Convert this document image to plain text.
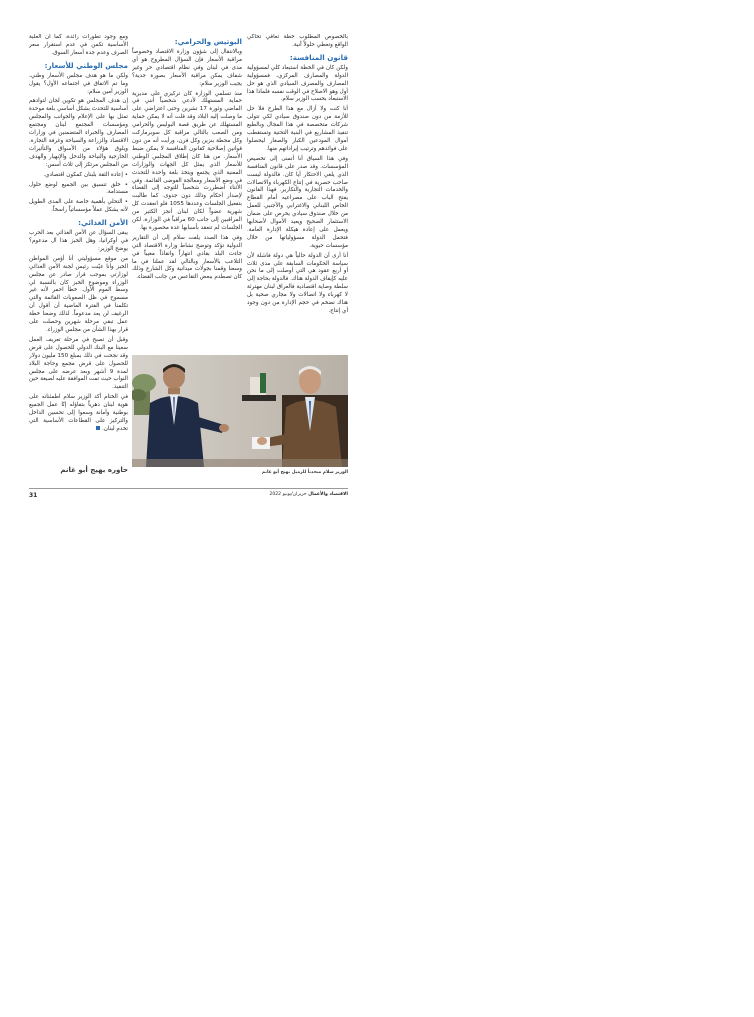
بالخصوص المطلوب خطة تعافي تحاكي الواقع وتعطي حلولاً آنية.

قانون المنافسة:

ولكن كان في الخطة استبعاد كلي لمسؤولية الدولة والمصارف المركزي، فمسؤولية المصارف والمصرف السيادي الذي هو حل أول وهو الاصلاح في الوقت نفسه فلماذا هذا الاستبعاد بحسب الوزير سلام.

أنا كنت ولا أزال مع هذا الطرح فلا حل للأزمة من دون صندوق سيادي لكي تتولى شركات متخصصة في هذا المجال وبالطبع تنفيذ المشاريع في البنية التحتية وتستقطب أموال المودعين الكبار والصغار ليحصلوا على فوائدهم وترتيب إيراداتهم منها.

وفي هذا السياق أنا أتمنى إلى تخصيص المؤسسات. وقد صدر على قانون المنافسة الذي يلغي الاحتكار أيا كان. فالدولة ليست صاحب حصرية في إنتاج الكهرباء والاتصالات والخدمات التجارية والتكارير. فهذا القانون يفتح الباب على مصراعيه أمام القطاع الخاص اللبناني والاغترابي والأجنبي للعمل من خلال صندوق سيادي يحرص على ضمان الاستثمار الصحيح ويعيد الأموال لأصحابها ويعمل على إعادة هيكلة الإدارة العامة. فتحمل الدولة مسؤولياتها من خلال مؤسسات حيوية.

أنا أرى أن الدولة حالياً هي دولة فاشلة لأن سياسة الحكومات السابقة على مدى ثلاث أو أربع عقود هي التي أوصلت إلى ما نحن عليه كإيقاف الدولة هناك. فالدولة بحاجة إلى سلطة وصاية اقتصادية فالعراق لبنان مهترئة لا كهرباء ولا اتصالات ولا مجاري صحية بل هناك تضخم في حجم الإدارة من دون وجود أي إنتاج.

البوتيس والحرامي:

وبالانتقال إلى شؤون وزارة الاقتصاد وخصوصاً مراقبة الأسعار فإن السؤال المطروح هو أي مدى في لبنان وفي نظام اقتصادي حر وغير شفاف يمكن مراقبة الأسعار بصورة جدية؟ يجيب الوزير سلام:

منذ تسلمي الوزارة كان تركيزي على مديرية حماية المستهلك لأدعي شخصياً أنني في الماضي وثورة 17 تشرين وحتى اعتراضي على ما وصلت إليه البلاد وقد قلت أنه لا يمكن حماية المستهلك عن طريق قصة البوليس والحرامي ومن الصعب بالتالي مراقبة كل سوبرماركت وكل محطة بنزين وكل فرن، ورأيت أنه من دون قوانين إصلاحية كقانون المنافسة لا يمكن ضبط الأسعار. من هنا كان إطلاق المجلس الوطني للأسعار الذي يمثل كل الجهات والوزارات المعنية الذي يجتمع ويتخذ بلغة واحدة للتحدث في وضع الأسعار ومعالجة الفوضى القائمة. وفي الأثناء اضطررت شخصياً للتوجه إلى القضاء لإصدار أحكام وذلك دون جدوى. كما طالبت بتفعيل الجلسات وعددها 1055 فلو انعقدت كل شهرية عضواً لكان لبنان أنجز الكثير من المراقبين إلى جانب 60 مراقباً في الوزارة، لكن الجلسات لم تنعقد بأسبابها عدة محصورة بها.

وفي هذا الصدد يلفت سلام إلى أن التقارير الدولية تؤكد وتوضح نشاط وزارة الاقتصاد التي جاءت البلد بقادي انتهاراً وانقاذاً مغيباً في التلاعب بالأسعار وبالتالي لقد عملنا في ما وسعنا وقمنا بجولات ميدانية وكل الشارع وذلك كان تصطدم ببعض التقاعس من جانب القضاء.

ومع وجود تطورات رائدة، كما أن العلبة الأساسية تكمن في عدم استقرار سعر الصرف وعدم جدة أسعار السوق.

مجلس الوطني للأسعار:

ولكن ما هو هدف مجلس الأسعار وطني، وما تم الاتفاق في اجتماعه الأول؟ يقول الوزير أمين سلام:

إن هدف المجلس هو تكوين لجان لتوادهم أساسية للتحدث بشكل أساسي بلغة موحدة تمثل بها على الإعلام والجوانب والمجلس ومؤسسات المجتمع لبنان ومجتمع المصارف والخبراء المتضمنين في وزارات الاقتصاد والزراعة والسياحة وغرفة التجارة. ويلوق هؤلاء من الأسواق والتأثيرات الخارجية والنياحة والدخل والإنهيار والهدف من المجلس مرتكز إلى ثلاث أسس:

• إعادة الثقة بلبنان كمكون اقتصادي.

• خلق تنسيق بين الجميع لوضع حلول مستدامة.

• التحلي بأهمية خاصة على المدى الطويل لأنه يشكل عملاً مؤسساتياً راسخاً.

الأمن الغذائي:

يبقى السؤال عن الأمن الغذائي بعد الحرب في أوكرانيا، وهل الخبز هذا ال مدعوم؟ يوضح الوزير:

من موقع مسؤوليتي أنا أؤمن المواطن الخبز وأنا عيّنت رئيس لجنة الأمن الغذائي لوزارتي بموجب قرار صادر عن مجلس الوزراء وموضوع الخبز كان بالنسبة لي وسط الموم الأول. خطأ احمر لأنه غير مسموح في ظل الصعوبات القائمة والتي تكلمنا في الفترة الماضية أن أقول أن الرغيف لن يعد مدعوماً. لذلك وضعنا خطة عمل تبقي مرحلة شهرين وحصلت على قرار بهذا الشأن من مجلس الوزراء.

وقبل أن تصبح في مرحلة تعريف العمل سعينا مع البنك الدولي للحصول على قرض وقد نجحت في ذلك بمبلغ 150 مليون دولار للحصول على قرض مجمع وحاجة البلاد لمدة 9 أشهر وبعد عرضه على مجلس النواب حيث تمت الموافقة عليه لصيغة حين التنفيذ.

في الختام أكد الوزير سلام اطمئنانه على هوية لبنان دهرياً بتفاؤله إنّا عمل الجميع بوطنية وأمانة وسعوا إلى تحسين الداخل والتركيز على القطاعات الأساسية التي تخدم لبنان.

الوزير سلام متحدثاً للزميل بهيج أبو غانم
حاوره بهيج أبو غانم
31	الاقتصاد والأعمال حزيران/يونيو 2022
